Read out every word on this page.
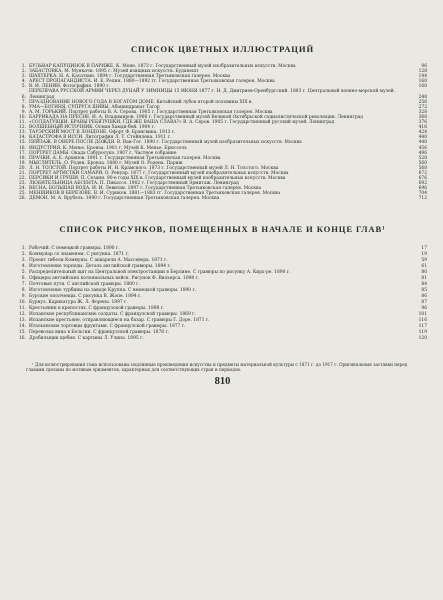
СПИСОК ЦВЕТНЫХ ИЛЛЮСТРАЦИЙ
1. БУЛЬВАР КАПУЦИНОК В ПАРИЖЕ. К. Моне. 1873 г. Государственный музей изобразительных искусств. Москва	96
2. ЗАБАСТОВКА. М. Мункачи. 1895 г. Музей изящных искусств. Будапешт	128
3. ШАХТЕРКА. Н. А. Касаткин. 1894 г. Государственная Третьяковская галерея. Москва	144
4. АРЕСТ ПРОПАГАНДИСТА. И. Е. Репин. 1880—1892 гг. Государственная Третьяковская галерея. Москва	160
5. В. И. ЛЕНИН. Фотография. 1890 г.	168
6.
ПЕРЕПРАВА РУССКОЙ АРМИИ ЧЕРЕЗ ДУНАЙ У ЗИМНИЦЫ 15 ИЮНЯ 1877 г. Н. Д. Дмитриев-Оренбургский. 1883 г. Центральный военно-морской музей. Ленинград	248
7. ПРАЗДНОВАНИЕ НОВОГО ГОДА В БОГАТОМ ДОМЕ. Китайский лубок второй половины XIX в.	256
8. УМА—БОГИНЯ, СУПРУГА ШИВЫ. Абаниндранат Тагор	272
9. А. М. ГОРЬКИЙ. Портрет работы В. А. Серова. 1905 г. Государственная Третьяковская галерея. Москва	328
10. БАРРИКАДА НА ПРЕСНЕ. И. А. Владимиров. 1906 г. Государственный музей Великой Октябрьской социалистической революции. Ленинград	368
11. «СОЛДАТУШКИ, БРАВЫ РЕБЯТУШКИ, ГДЕ ЖЕ ВАША СЛАВА?» В. А. Серов. 1905 г. Государственный русский музей. Ленинград	376
12. ВОЛШЕБНЫЙ ИСТОЧНИК. Осман Хамди-бей. 1904 г.	416
13. ТАУЭРСКИЙ МОСТ В ЛОНДОНЕ. Офорт Ф. Брэнгвина. 1913 г.	424
14. КАТАСТРОФА В ИССИ. Литография Л. Т. Стейнлена. 1911 г.	440
15. ПЕЙЗАЖ. В ОВЕРЕ ПОСЛЕ ДОЖДЯ. В. Ван-Гог. 1890 г. Государственный музей изобразительных искусств. Москва	448
16. ИНДУСТРИЯ. К. Менье. Бронза. 1901 г. Музей К. Менье. Брюссель	456
17. ПОРТРЕТ ДАМЫ. Окада Сабуросукэ. 1907 г. Частное собрание	496
18. ПРАЧКИ. А. Е. Архипов. 1901 г. Государственная Третьяковская галерея. Москва	528
19. МЫСЛИТЕЛЬ. О. Роден. Бронза. 1880 г. Музей О. Родена. Париж	560
20. Л. Н. ТОЛСТОЙ. Портрет работы И. Н. Крамского. 1873 г. Государственный музей Л. Н. Толстого. Москва	568
21. ПОРТРЕТ АРТИСТКИ САМАРИ. О. Ренуар. 1877 г. Государственный музей изобразительных искусств. Москва	672
22. ПЕРСИКИ И ГРУШИ. П. Сезанн. 90-е годы XIX в. Государственный музей изобразительных искусств. Москва	676
23. ЛЮБИТЕЛЬНИЦА АБСЕНТА. П. Пикассо. 1902 г. Государственный Эрмитаж. Ленинград	692
24. ВЕСНА. БОЛЬШАЯ ВОДА. И. И. Левитан. 1897 г. Государственная Третьяковская галерея. Москва	696
25. МЕНШИКОВ В БЕРЕЗОВЕ. В. И. Суриков. 1881—1883 гг. Государственная Третьяковская галерея. Москва	704
26. ДЕМОН. М. А. Врубель. 1890 г. Государственная Третьяковская галерея. Москва	712
СПИСОК РИСУНКОВ, ПОМЕЩЕННЫХ В НАЧАЛЕ И КОНЦЕ ГЛАВ¹
1. Рабочий. С немецкой гравюры. 1890 г.	17
2. Коммунар со знаменем. С рисунка. 1871 г.	19
3. Проект гибели Коммуны. С акварели А. Массевера. 1871 г.	59
4. Изготовление торпеды. Деталь английской гравюры. 1894 г.	61
5. Распределительный щит на Центральной электростанции в Берлине. С гравюры по рисунку А. Кирх-ре. 1890 г.	80
6. Офицеры английских колониальных войск. Рисунок Ф. Вильерса. 1898 г.	81
7. Почтовые пути. С английской гравюры. 1880 г.	84
8. Изготовление турбины на заводе Круппа. С немецкой гравюры. 1890 г.	85
9. Бурские ополченцы. С рисунка В. Жопе. 1894 г.	86
10. Бурнуз. Карикатура Ж. Л. Форена. 1897 г.	87
11. Крестьянин в крепостях. С французской гравюры. 1898 г.	96
12. Испанские республиканские солдаты. С французской гравюры. 1869 г.	101
13. Испанские крестьяне, отправляющиеся на базар. С гравюры Г. Доре. 1871 г.	116
14. Итальянские торговцы фруктами. С французской гравюры. 1877 г.	117
15. Перевозка вина в Бельгии. С французской гравюры. 1878 г.	119
16. Дробильщик щебня. С картины Л. Улина. 1895 г.	120
¹ Для иллюстрирования тома использованы подлинные произведения искусства и предметы материальной культуры с 1871 г. до 1917 г. Оригинальные заставки перед главами сделаны по мотивам орнаментов, характерных для соответствующих стран и периодов.
810
